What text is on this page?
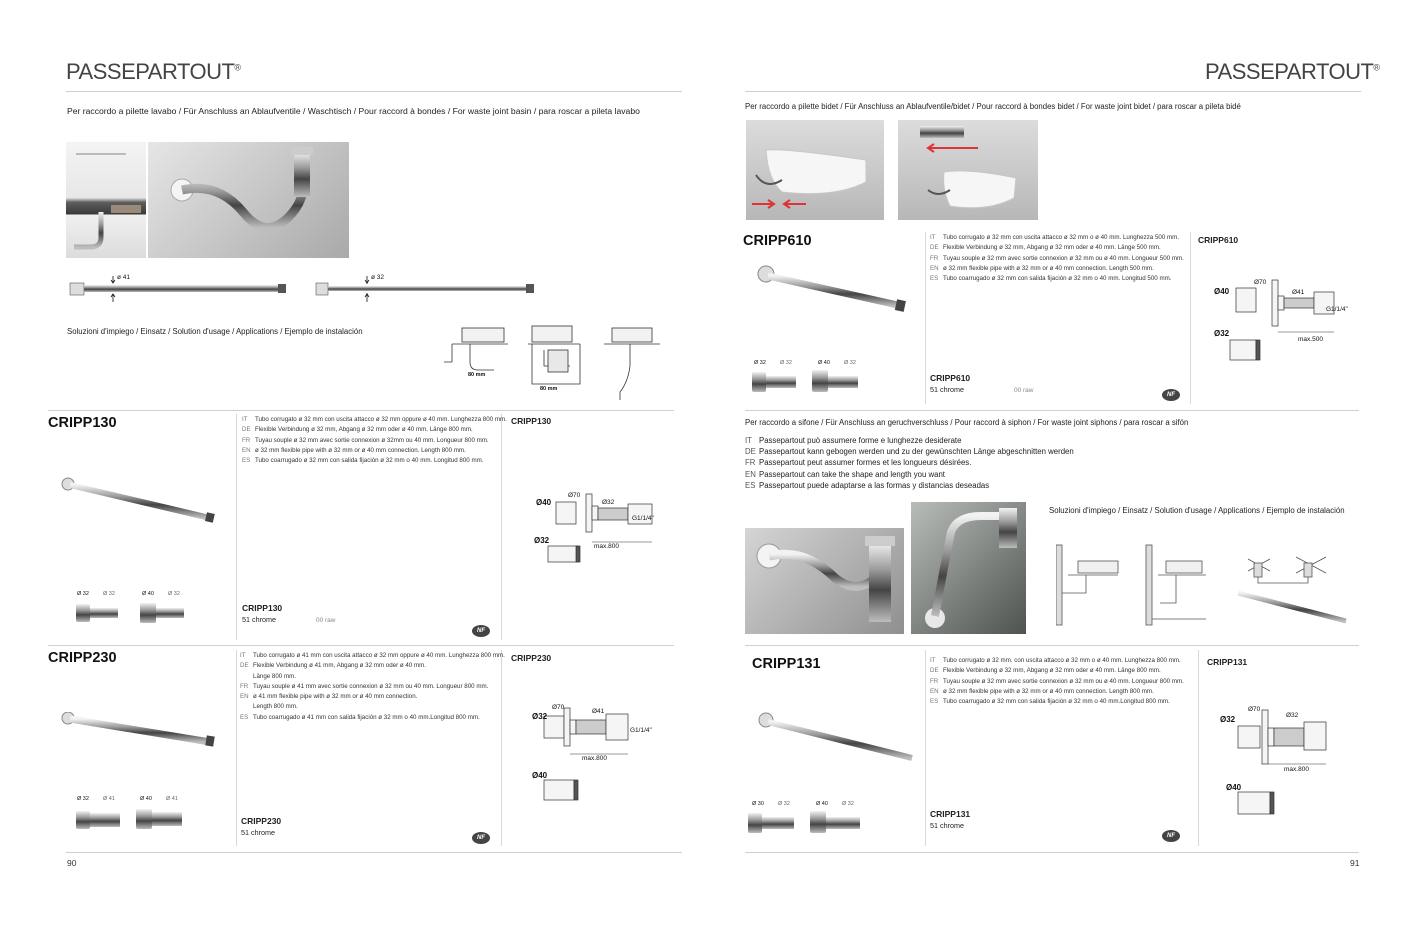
PASSEPARTOUT®
Per raccordo a pilette lavabo / Für Anschluss an Ablaufventile / Waschtisch / Pour raccord à bondes / For waste joint basin / para roscar a pileta lavabo
ø 41	ø 32
Soluzioni d'impiego / Einsatz / Solution d'usage / Applications / Ejemplo de instalación
80 mm
80 mm
CRIPP130
Ø 32	Ø 32	Ø 40	Ø 32
IT	Tubo corrugato ø 32 mm con uscita attacco ø 32 mm oppure ø 40 mm. Lunghezza 800 mm.
DE Flexible Verbindung ø 32 mm, Abgang ø 32 mm oder ø 40 mm. Länge 800 mm.
FR Tuyau souple ø 32 mm avec sortie connexion ø 32mm ou 40 mm. Longueur 800 mm.
EN ø 32 mm flexible pipe with ø 32 mm or ø 40 mm connection. Length 800 mm.
ES Tubo coarrugado ø 32 mm con salida fijación ø 32 mm o 40 mm. Longitud 800 mm.
CRIPP130
51 chrome	00 raw
NF
CRIPP130
Ø40
Ø70
Ø32
G1/1/4"
Ø32
max.800
CRIPP230
Ø 32	Ø 41	Ø 40	Ø 41
IT	Tubo corrugato ø 41 mm con uscita attacco ø 32 mm oppure ø 40 mm. Lunghezza 800 mm.
DE Flexible Verbindung ø 41 mm, Abgang ø 32 mm oder ø 40 mm.
Länge 800 mm.
FR Tuyau souple ø 41 mm avec sortie connexion ø 32 mm ou 40 mm. Longueur 800 mm.
EN ø 41 mm flexible pipe with ø 32 mm or ø 40 mm connection.
Length 800 mm.
ES Tubo coarrugado ø 41 mm con salida fijación ø 32 mm o 40 mm.Longitud 800 mm.
CRIPP230
51 chrome
NF
CRIPP230
Ø32
Ø70
Ø41
G1/1/4"
Ø40
max.800
90
PASSEPARTOUT®
Per raccordo a pilette bidet / Für Anschluss an Ablaufventile/bidet / Pour raccord à bondes bidet / For waste joint bidet / para roscar a pileta bidé
CRIPP610
Ø 32	Ø 32	Ø 40	Ø 32
IT	Tubo corrugato ø 32 mm con uscita attacco ø 32 mm o ø 40 mm. Lunghezza 500 mm.
DE Flexible Verbindung ø 32 mm, Abgang ø 32 mm oder ø 40 mm. Länge 500 mm.
FR Tuyau souple ø 32 mm avec sortie connexion ø 32 mm ou ø 40 mm. Longueur 500 mm.
EN ø 32 mm flexible pipe with ø 32 mm or ø 40 mm connection. Length 500 mm.
ES Tubo coarrugado ø 32 mm con salida fijación ø 32 mm o 40 mm. Longitud 500 mm.
CRIPP610
51 chrome	00 raw
NF
CRIPP610
Ø40
Ø70
Ø41
G1/1/4"
Ø32
max.500
Per raccordo a sifone / Für Anschluss an geruchverschluss / Pour raccord à siphon / For waste joint siphons / para roscar a sifón
IT Passepartout può assumere forme e lunghezze desiderate
DE Passepartout kann gebogen werden und zu der gewünschten Länge abgeschnitten werden
FR Passepartout peut assumer formes et les longueurs désirées.
EN Passepartout can take the shape and length you want
ES Passepartout puede adaptarse a las formas y distancias deseadas
Soluzioni d'impiego / Einsatz / Solution d'usage / Applications / Ejemplo de instalación
CRIPP131
Ø 30	Ø 32	Ø 40	Ø 32
IT	Tubo corrugato ø 32 mm. con uscita attacco ø 32 mm o ø 40 mm. Lunghezza 800 mm.
DE Flexible Verbindung ø 32 mm, Abgang ø 32 mm oder ø 40 mm. Länge 800 mm.
FR Tuyau souple ø 32 mm avec sortie connexion ø 32 mm ou ø 40 mm. Longueur 800 mm.
EN ø 32 mm flexible pipe with ø 32 mm or ø 40 mm connection. Length 800 mm.
ES Tubo coarrugado ø 32 mm con salida fijación ø 32 mm o 40 mm.Longitud 800 mm.
CRIPP131
51 chrome
NF
CRIPP131
Ø32
Ø70
Ø32
Ø40
max.800
91
